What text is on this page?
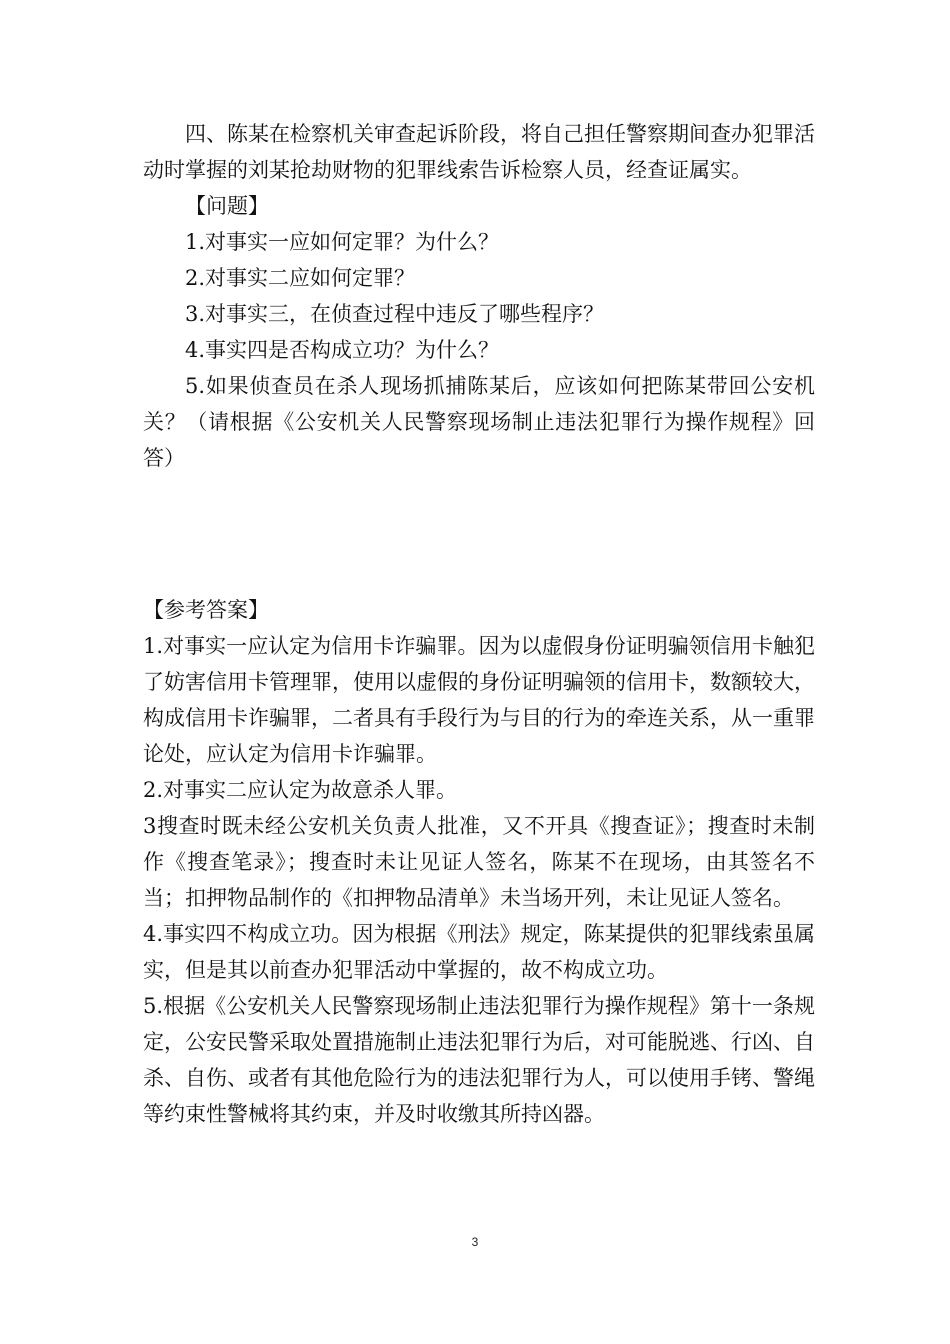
四、陈某在检察机关审查起诉阶段，将自己担任警察期间查办犯罪活动时掌握的刘某抢劫财物的犯罪线索告诉检察人员，经查证属实。

【问题】

1.对事实一应如何定罪？为什么？

2.对事实二应如何定罪？

3.对事实三，在侦查过程中违反了哪些程序？

4.事实四是否构成立功？为什么？

5.如果侦查员在杀人现场抓捕陈某后，应该如何把陈某带回公安机关？（请根据《公安机关人民警察现场制止违法犯罪行为操作规程》回答）

【参考答案】

1.对事实一应认定为信用卡诈骗罪。因为以虚假身份证明骗领信用卡触犯了妨害信用卡管理罪，使用以虚假的身份证明骗领的信用卡，数额较大，构成信用卡诈骗罪，二者具有手段行为与目的行为的牵连关系，从一重罪论处，应认定为信用卡诈骗罪。

2.对事实二应认定为故意杀人罪。

3搜查时既未经公安机关负责人批准，又不开具《搜查证》；搜查时未制作《搜查笔录》；搜查时未让见证人签名，陈某不在现场，由其签名不当；扣押物品制作的《扣押物品清单》未当场开列，未让见证人签名。

4.事实四不构成立功。因为根据《刑法》规定，陈某提供的犯罪线索虽属实，但是其以前查办犯罪活动中掌握的，故不构成立功。

5.根据《公安机关人民警察现场制止违法犯罪行为操作规程》第十一条规定，公安民警采取处置措施制止违法犯罪行为后，对可能脱逃、行凶、自杀、自伤、或者有其他危险行为的违法犯罪行为人，可以使用手铐、警绳等约束性警械将其约束，并及时收缴其所持凶器。

3
